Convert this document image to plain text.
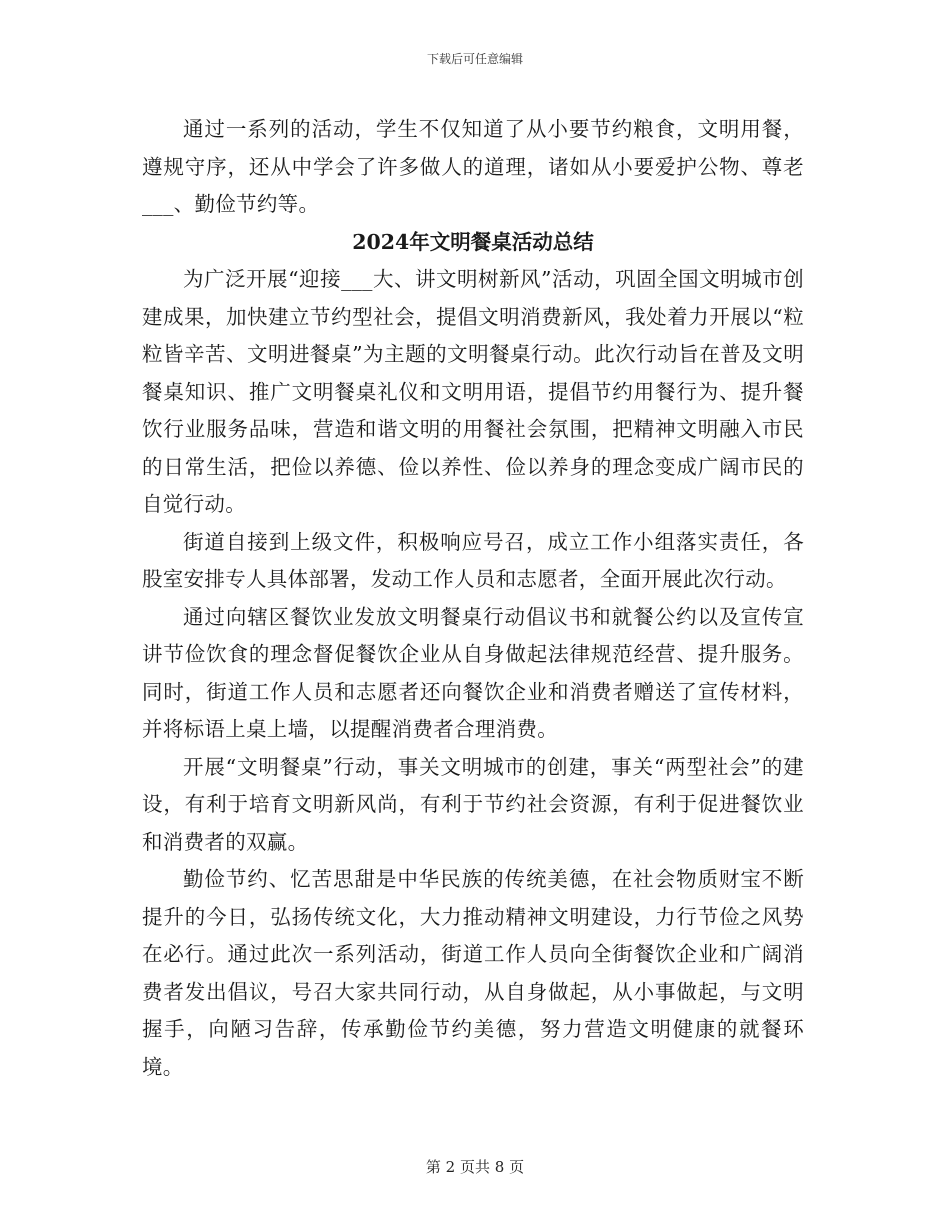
下载后可任意编辑

通过一系列的活动，学生不仅知道了从小要节约粮食，文明用餐，遵规守序，还从中学会了许多做人的道理，诸如从小要爱护公物、尊老___、勤俭节约等。

2024年文明餐桌活动总结

为广泛开展“迎接___大、讲文明树新风”活动，巩固全国文明城市创建成果，加快建立节约型社会，提倡文明消费新风，我处着力开展以“粒粒皆辛苦、文明进餐桌”为主题的文明餐桌行动。此次行动旨在普及文明餐桌知识、推广文明餐桌礼仪和文明用语，提倡节约用餐行为、提升餐饮行业服务品味，营造和谐文明的用餐社会氛围，把精神文明融入市民的日常生活，把俭以养德、俭以养性、俭以养身的理念变成广阔市民的自觉行动。

街道自接到上级文件，积极响应号召，成立工作小组落实责任，各股室安排专人具体部署，发动工作人员和志愿者，全面开展此次行动。

通过向辖区餐饮业发放文明餐桌行动倡议书和就餐公约以及宣传宣讲节俭饮食的理念督促餐饮企业从自身做起法律规范经营、提升服务。同时，街道工作人员和志愿者还向餐饮企业和消费者赠送了宣传材料，并将标语上桌上墙，以提醒消费者合理消费。

开展“文明餐桌”行动，事关文明城市的创建，事关“两型社会”的建设，有利于培育文明新风尚，有利于节约社会资源，有利于促进餐饮业和消费者的双赢。

勤俭节约、忆苦思甜是中华民族的传统美德，在社会物质财宝不断提升的今日，弘扬传统文化，大力推动精神文明建设，力行节俭之风势在必行。通过此次一系列活动，街道工作人员向全街餐饮企业和广阔消费者发出倡议，号召大家共同行动，从自身做起，从小事做起，与文明握手，向陋习告辞，传承勤俭节约美德，努力营造文明健康的就餐环境。

第 2 页共 8 页
